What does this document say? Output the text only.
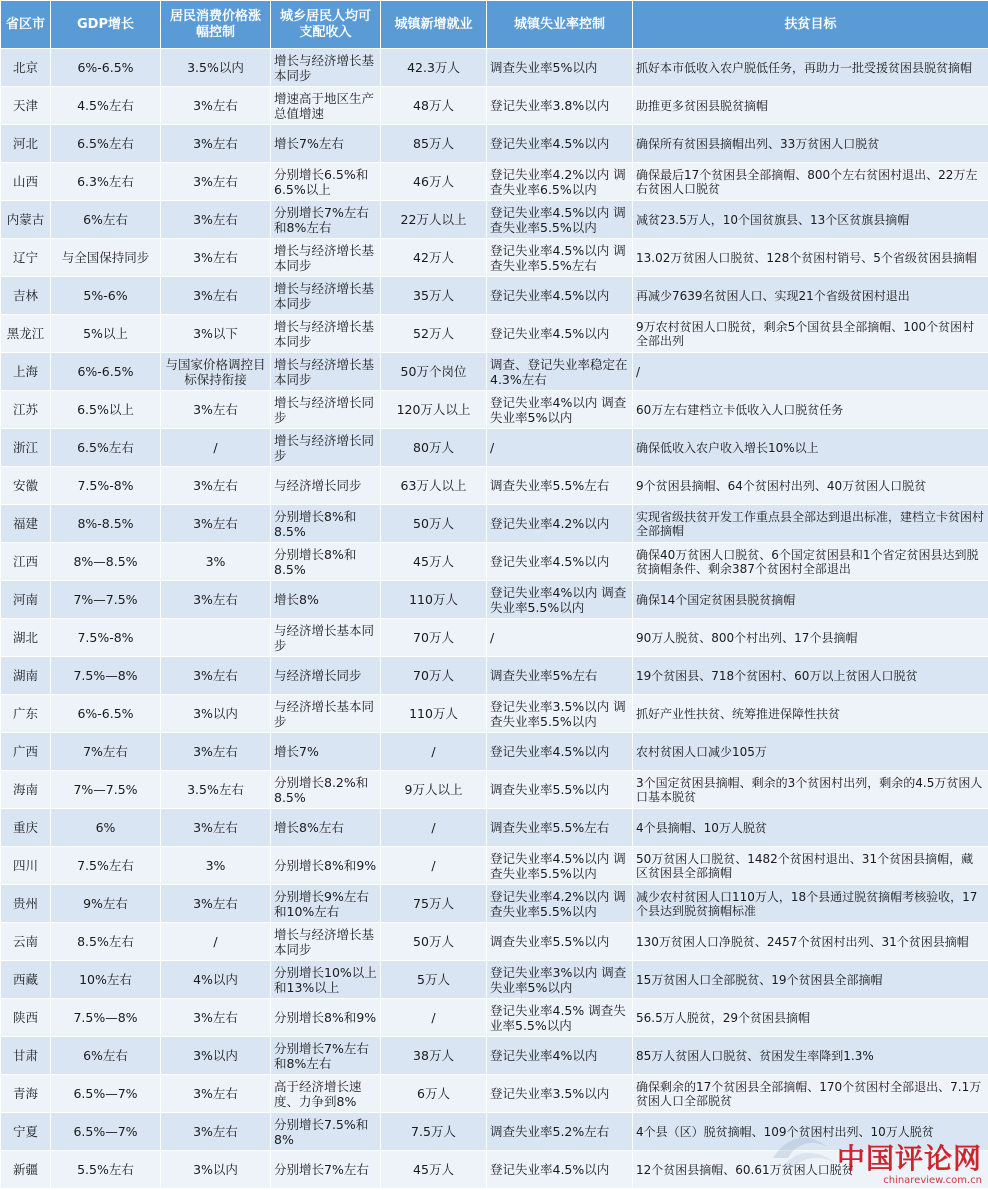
省区市	GDP增长	居民消费价格涨幅控制	城乡居民人均可支配收入	城镇新增就业	城镇失业率控制	扶贫目标
北京	6%-6.5%	3.5%以内	增长与经济增长基本同步	42.3万人	调查失业率5%以内	抓好本市低收入农户脱低任务，再助力一批受援贫困县脱贫摘帽
天津	4.5%左右	3%左右	增速高于地区生产总值增速	48万人	登记失业率3.8%以内	助推更多贫困县脱贫摘帽
河北	6.5%左右	3%左右	增长7%左右	85万人	登记失业率4.5%以内	确保所有贫困县摘帽出列、33万贫困人口脱贫
山西	6.3%左右	3%左右	分别增长6.5%和6.5%以上	46万人	登记失业率4.2%以内 调查失业率6.5%以内	确保最后17个贫困县全部摘帽、800个左右贫困村退出、22万左右贫困人口脱贫
内蒙古	6%左右	3%左右	分别增长7%左右和8%左右	22万人以上	登记失业率4.5%以内 调查失业率5.5%以内	减贫23.5万人，10个国贫旗县、13个区贫旗县摘帽
辽宁	与全国保持同步	3%左右	增长与经济增长基本同步	42万人	登记失业率4.5%以内 调查失业率5.5%左右	13.02万贫困人口脱贫、128个贫困村销号、5个省级贫困县摘帽
吉林	5%-6%	3%左右	增长与经济增长基本同步	35万人	登记失业率4.5%以内	再减少7639名贫困人口、实现21个省级贫困村退出
黑龙江	5%以上	3%以下	增长与经济增长基本同步	52万人	登记失业率4.5%以内	9万农村贫困人口脱贫，剩余5个国贫县全部摘帽、100个贫困村全部出列
上海	6%-6.5%	与国家价格调控目标保持衔接	增长与经济增长基本同步	50万个岗位	调查、登记失业率稳定在4.3%左右	/
江苏	6.5%以上	3%左右	增长与经济增长同步	120万人以上	登记失业率4%以内 调查失业率5%以内	60万左右建档立卡低收入人口脱贫任务
浙江	6.5%左右	/	增长与经济增长同步	80万人	/	确保低收入农户收入增长10%以上
安徽	7.5%-8%	3%左右	与经济增长同步	63万人以上	调查失业率5.5%左右	9个贫困县摘帽、64个贫困村出列、40万贫困人口脱贫
福建	8%-8.5%	3%左右	分别增长8%和8.5%	50万人	登记失业率4.2%以内	实现省级扶贫开发工作重点县全部达到退出标准，建档立卡贫困村全部摘帽
江西	8%—8.5%	3%	分别增长8%和8.5%	45万人	登记失业率4.5%以内	确保40万贫困人口脱贫、6个国定贫困县和1个省定贫困县达到脱贫摘帽条件、剩余387个贫困村全部退出
河南	7%—7.5%	3%左右	增长8%	110万人	登记失业率4%以内 调查失业率5.5%以内	确保14个国定贫困县脱贫摘帽
湖北	7.5%-8%		与经济增长基本同步	70万人	/	90万人脱贫、800个村出列、17个县摘帽
湖南	7.5%—8%	3%左右	与经济增长同步	70万人	调查失业率5%左右	19个贫困县、718个贫困村、60万以上贫困人口脱贫
广东	6%-6.5%	3%以内	与经济增长基本同步	110万人	登记失业率3.5%以内 调查失业率5.5%以内	抓好产业性扶贫、统筹推进保障性扶贫
广西	7%左右	3%左右	增长7%	/	登记失业率4.5%以内	农村贫困人口减少105万
海南	7%—7.5%	3.5%左右	分别增长8.2%和8.5%	9万人以上	调查失业率5.5%以内	3个国定贫困县摘帽、剩余的3个贫困村出列，剩余的4.5万贫困人口基本脱贫
重庆	6%	3%左右	增长8%左右	/	调查失业率5.5%左右	4个县摘帽、10万人脱贫
四川	7.5%左右	3%	分别增长8%和9%	/	登记失业率4.5%以内 调查失业率5.5%以内	50万贫困人口脱贫、1482个贫困村退出、31个贫困县摘帽，藏区贫困县全部摘帽
贵州	9%左右	3%左右	分别增长9%左右和10%左右	75万人	登记失业率4.2%以内 调查失业率5.5%以内	减少农村贫困人口110万人，18个县通过脱贫摘帽考核验收，17个县达到脱贫摘帽标准
云南	8.5%左右	/	增长与经济增长基本同步	50万人	调查失业率5.5%以内	130万贫困人口净脱贫、2457个贫困村出列、31个贫困县摘帽
西藏	10%左右	4%以内	分别增长10%以上和13%以上	5万人	登记失业率3%以内 调查失业率5%以内	15万贫困人口全部脱贫、19个贫困县全部摘帽
陕西	7.5%—8%	3%左右	分别增长8%和9%	/	登记失业率4.5% 调查失业率5.5%以内	56.5万人脱贫，29个贫困县摘帽
甘肃	6%左右	3%以内	分别增长7%左右和8%左右	38万人	登记失业率4%以内	85万人贫困人口脱贫、贫困发生率降到1.3%
青海	6.5%—7%	3%左右	高于经济增长速度、力争到8%	6万人	登记失业率3.5%以内	确保剩余的17个贫困县全部摘帽、170个贫困村全部退出、7.1万贫困人口全部脱贫
宁夏	6.5%—7%	3%左右	分别增长7.5%和8%	7.5万人	调查失业率5.2%左右	4个县（区）脱贫摘帽、109个贫困村出列、10万人脱贫
新疆	5.5%左右	3%以内	分别增长7%左右	45万人	登记失业率4.5%以内	12个贫困县摘帽、60.61万贫困人口脱贫
中国评论网
chinareview.com.cn
